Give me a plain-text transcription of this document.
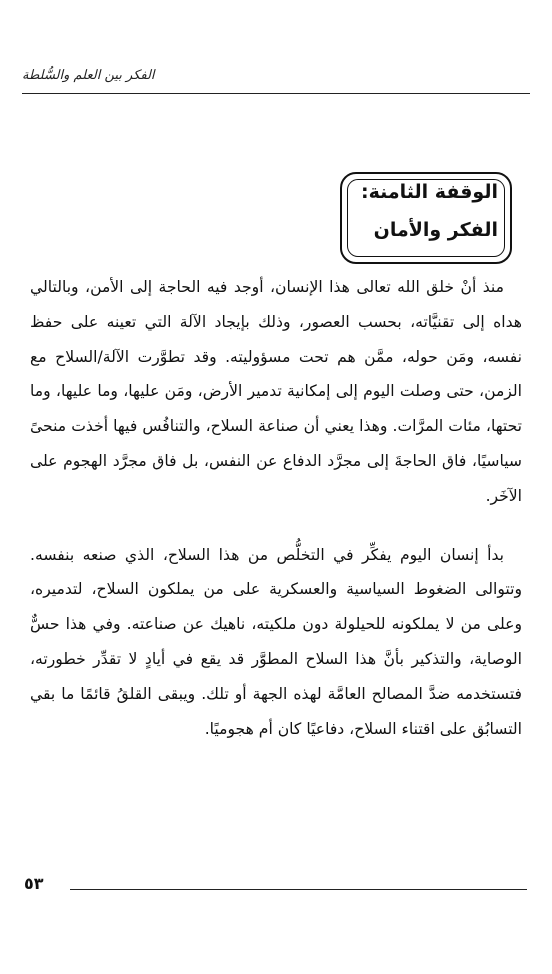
الفكر بين العلم والسُّلطة
الوقفة الثامنة:
الفكر والأمان

منذ أنْ خلق الله تعالى هذا الإنسان، أوجد فيه الحاجة إلى الأمن، وبالتالي هداه إلى تقنيَّاته، بحسب العصور، وذلك بإيجاد الآلة التي تعينه على حفظ نفسه، ومَن حوله، ممَّن هم تحت مسؤوليته. وقد تطوَّرت الآلة/السلاح مع الزمن، حتى وصلت اليوم إلى إمكانية تدمير الأرض، ومَن عليها، وما عليها، وما تحتها، مئات المرَّات. وهذا يعني أن صناعة السلاح، والتنافُس فيها أخذت منحىً سياسيًا، فاق الحاجةَ إلى مجرَّد الدفاع عن النفس، بل فاق مجرَّد الهجوم على الآخَر.

بدأ إنسان اليوم يفكِّر في التخلُّص من هذا السلاح، الذي صنعه بنفسه. وتتوالى الضغوط السياسية والعسكرية على من يملكون السلاح، لتدميره، وعلى من لا يملكونه للحيلولة دون ملكيته، ناهيك عن صناعته. وفي هذا حسٌّ الوصاية، والتذكير بأنَّ هذا السلاح المطوَّر قد يقع في أيادٍ لا تقدِّر خطورته، فتستخدمه ضدَّ المصالح العامَّة لهذه الجهة أو تلك. ويبقى القلقُ قائمًا ما بقي التسابُق على اقتناء السلاح، دفاعيًا كان أم هجوميًا.

٥٣
